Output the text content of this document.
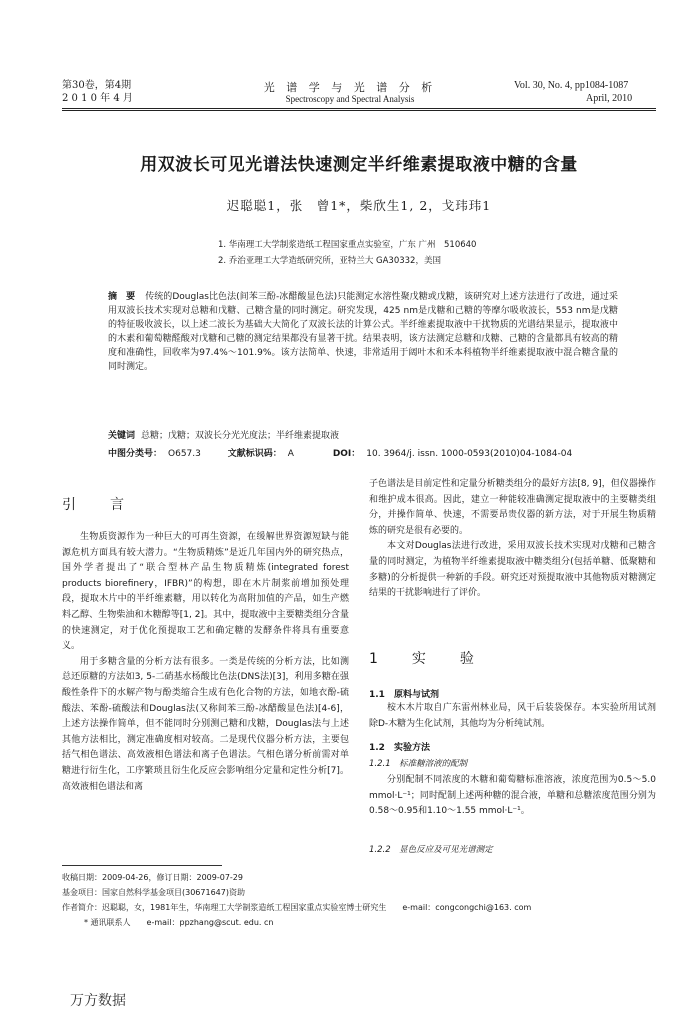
第30卷，第4期
2 0 1 0 年 4 月
光 谱 学 与 光 谱 分 析
Spectroscopy and Spectral Analysis
Vol. 30, No. 4, pp1084-1087
April, 2010
用双波长可见光谱法快速测定半纤维素提取液中糖的含量
迟聪聪1，张　曾1*，柴欣生1, 2，戈玮玮1
1. 华南理工大学制浆造纸工程国家重点实验室，广东 广州　510640
2. 乔治亚理工大学造纸研究所，亚特兰大 GA30332，美国
摘　要 传统的Douglas比色法(间苯三酚-冰醋酸显色法)只能测定水溶性聚戊糖或戊糖，该研究对上述方法进行了改进，通过采用双波长技术实现对总糖和戊糖、己糖含量的同时测定。研究发现，425 nm是戊糖和己糖的等摩尔吸收波长，553 nm是戊糖的特征吸收波长，以上述二波长为基础大大简化了双波长法的计算公式。半纤维素提取液中干扰物质的光谱结果显示，提取液中的木素和葡萄糖醛酸对戊糖和己糖的测定结果都没有显著干扰。结果表明，该方法测定总糖和戊糖、己糖的含量都具有较高的精度和准确性，回收率为97.4%～101.9%。该方法简单、快速，非常适用于阔叶木和禾本科植物半纤维素提取液中混合糖含量的同时测定。
关键词 总糖；戊糖；双波长分光光度法；半纤维素提取液
中图分类号： O657.3	文献标识码： A	DOI： 10. 3964/j. issn. 1000-0593(2010)04-1084-04
引　言

生物质资源作为一种巨大的可再生资源，在缓解世界资源短缺与能源危机方面具有较大潜力。“生物质精炼”是近几年国内外的研究热点，国外学者提出了“联合型林产品生物质精炼(integrated forest products biorefinery，IFBR)”的构想，即在木片制浆前增加预处理段，提取木片中的半纤维素糖，用以转化为高附加值的产品，如生产燃料乙醇、生物柴油和木糖醇等[1, 2]。其中，提取液中主要糖类组分含量的快速测定，对于优化预提取工艺和确定糖的发酵条件将具有重要意义。

用于多糖含量的分析方法有很多。一类是传统的分析方法，比如测总还原糖的方法如3, 5-二硝基水杨酸比色法(DNS法)[3]，利用多糖在强酸性条件下的水解产物与酚类缩合生成有色化合物的方法，如地衣酚-硫酸法、苯酚-硫酸法和Douglas法(又称间苯三酚-冰醋酸显色法)[4-6]，上述方法操作简单，但不能同时分别测己糖和戊糖，Douglas法与上述其他方法相比，测定准确度相对较高。二是现代仪器分析方法，主要包括气相色谱法、高效液相色谱法和离子色谱法。气相色谱分析前需对单糖进行衍生化，工序繁琐且衍生化反应会影响组分定量和定性分析[7]。高效液相色谱法和离

子色谱法是目前定性和定量分析糖类组分的最好方法[8, 9]，但仪器操作和维护成本很高。因此，建立一种能较准确测定提取液中的主要糖类组分，并操作简单、快速，不需要昂贵仪器的新方法，对于开展生物质精炼的研究是很有必要的。

本文对Douglas法进行改进，采用双波长技术实现对戊糖和己糖含量的同时测定，为植物半纤维素提取液中糖类组分(包括单糖、低聚糖和多糖)的分析提供一种新的手段。研究还对预提取液中其他物质对糖测定结果的干扰影响进行了评价。

1　实　验
1.1　原料与试剂

桉木木片取自广东雷州林业局，风干后装袋保存。本实验所用试剂除D-木糖为生化试剂，其他均为分析纯试剂。

1.2　实验方法
1.2.1　标准糖溶液的配制

分别配制不同浓度的木糖和葡萄糖标准溶液，浓度范围为0.5～5.0 mmol·L⁻¹；同时配制上述两种糖的混合液，单糖和总糖浓度范围分别为0.58～0.95和1.10～1.55 mmol·L⁻¹。

1.2.2　显色反应及可见光谱测定
收稿日期：2009-04-26，修订日期：2009-07-29
基金项目：国家自然科学基金项目(30671647)资助
作者简介：迟聪聪，女，1981年生，华南理工大学制浆造纸工程国家重点实验室博士研究生　　e-mail：congcongchi@163. com
* 通讯联系人　　e-mail：ppzhang@scut. edu. cn
万方数据
